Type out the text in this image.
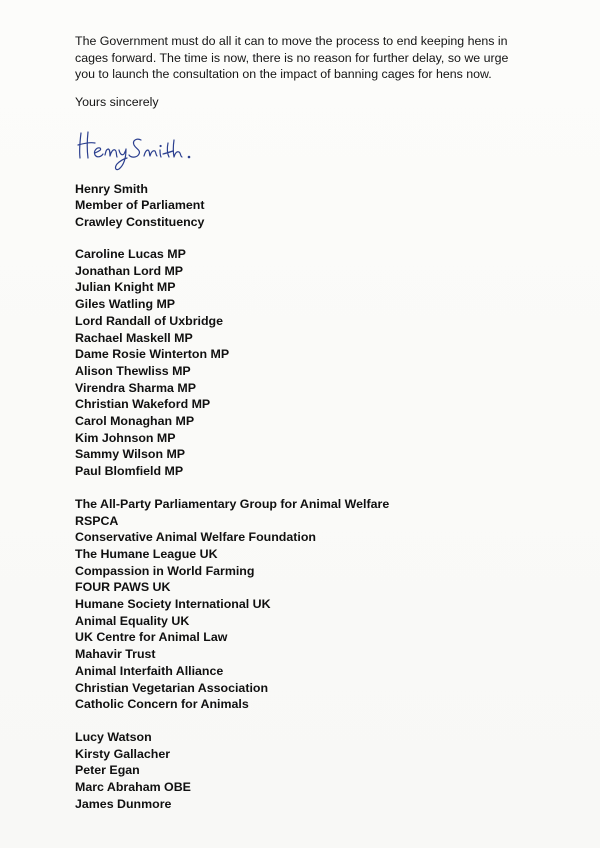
The Government must do all it can to move the process to end keeping hens in
cages forward. The time is now, there is no reason for further delay, so we urge
you to launch the consultation on the impact of banning cages for hens now.

Yours sincerely
Henry Smith
Member of Parliament
Crawley Constituency
Caroline Lucas MP
Jonathan Lord MP
Julian Knight MP
Giles Watling MP
Lord Randall of Uxbridge
Rachael Maskell MP
Dame Rosie Winterton MP
Alison Thewliss MP
Virendra Sharma MP
Christian Wakeford MP
Carol Monaghan MP
Kim Johnson MP
Sammy Wilson MP
Paul Blomfield MP
The All-Party Parliamentary Group for Animal Welfare
RSPCA
Conservative Animal Welfare Foundation
The Humane League UK
Compassion in World Farming
FOUR PAWS UK
Humane Society International UK
Animal Equality UK
UK Centre for Animal Law
Mahavir Trust
Animal Interfaith Alliance
Christian Vegetarian Association
Catholic Concern for Animals
Lucy Watson
Kirsty Gallacher
Peter Egan
Marc Abraham OBE
James Dunmore
